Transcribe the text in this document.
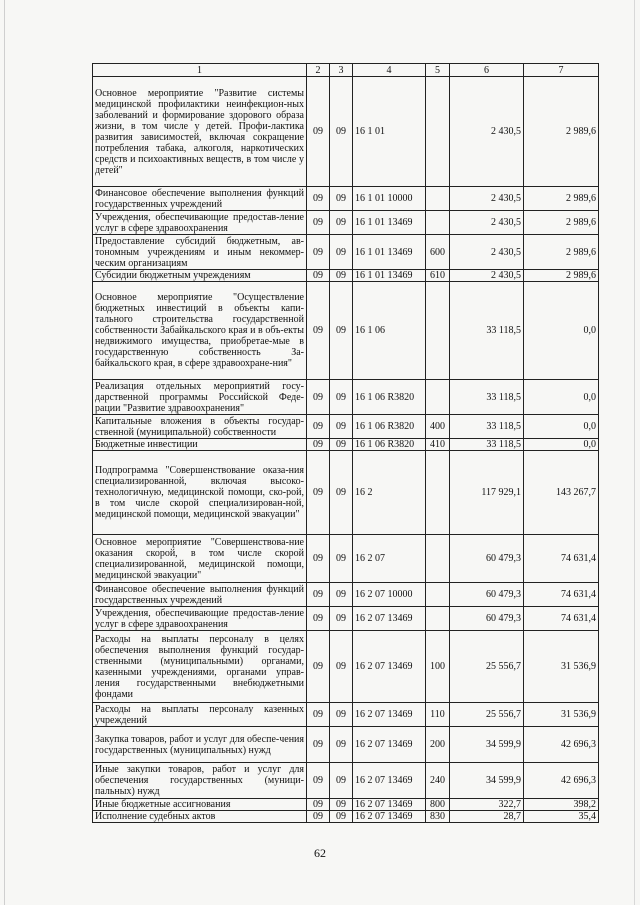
1	2	3	4	5	6	7
Основное мероприятие "Развитие системы медицинской профилактики неинфекцион-ных заболеваний и формирование здорового образа жизни, в том числе у детей. Профи-лактика развития зависимостей, включая сокращение потребления табака, алкоголя, наркотических средств и психоактивных веществ, в том числе у детей"	09	09	16 1 01		2 430,5	2 989,6
Финансовое обеспечение выполнения функций государственных учреждений	09	09	16 1 01 10000		2 430,5	2 989,6
Учреждения, обеспечивающие предостав-ление услуг в сфере здравоохранения	09	09	16 1 01 13469		2 430,5	2 989,6
Предоставление субсидий бюджетным, ав-тономным учреждениям и иным некоммер-ческим организациям	09	09	16 1 01 13469	600	2 430,5	2 989,6
Субсидии бюджетным учреждениям	09	09	16 1 01 13469	610	2 430,5	2 989,6
Основное мероприятие "Осуществление бюджетных инвестиций в объекты капи-тального строительства государственной собственности Забайкальского края и в объ-екты недвижимого имущества, приобретае-мые в государственную собственность За-байкальского края, в сфере здравоохране-ния"	09	09	16 1 06		33 118,5	0,0
Реализация отдельных мероприятий госу-дарственной программы Российской Феде-рации "Развитие здравоохранения"	09	09	16 1 06 R3820		33 118,5	0,0
Капитальные вложения в объекты государ-ственной (муниципальной) собственности	09	09	16 1 06 R3820	400	33 118,5	0,0
Бюджетные инвестиции	09	09	16 1 06 R3820	410	33 118,5	0,0
Подпрограмма "Совершенствование оказа-ния специализированной, включая высоко-технологичную, медицинской помощи, ско-рой, в том числе скорой специализирован-ной, медицинской помощи, медицинской эвакуации"	09	09	16 2		117 929,1	143 267,7
Основное мероприятие "Совершенствова-ние оказания скорой, в том числе скорой специализированной, медицинской помощи, медицинской эвакуации"	09	09	16 2 07		60 479,3	74 631,4
Финансовое обеспечение выполнения функций государственных учреждений	09	09	16 2 07 10000		60 479,3	74 631,4
Учреждения, обеспечивающие предостав-ление услуг в сфере здравоохранения	09	09	16 2 07 13469		60 479,3	74 631,4
Расходы на выплаты персоналу в целях обеспечения выполнения функций государ-ственными (муниципальными) органами, казенными учреждениями, органами управ-ления государственными внебюджетными фондами	09	09	16 2 07 13469	100	25 556,7	31 536,9
Расходы на выплаты персоналу казенных учреждений	09	09	16 2 07 13469	110	25 556,7	31 536,9
Закупка товаров, работ и услуг для обеспе-чения государственных (муниципальных) нужд	09	09	16 2 07 13469	200	34 599,9	42 696,3
Иные закупки товаров, работ и услуг для обеспечения государственных (муници-пальных) нужд	09	09	16 2 07 13469	240	34 599,9	42 696,3
Иные бюджетные ассигнования	09	09	16 2 07 13469	800	322,7	398,2
Исполнение судебных актов	09	09	16 2 07 13469	830	28,7	35,4
62
